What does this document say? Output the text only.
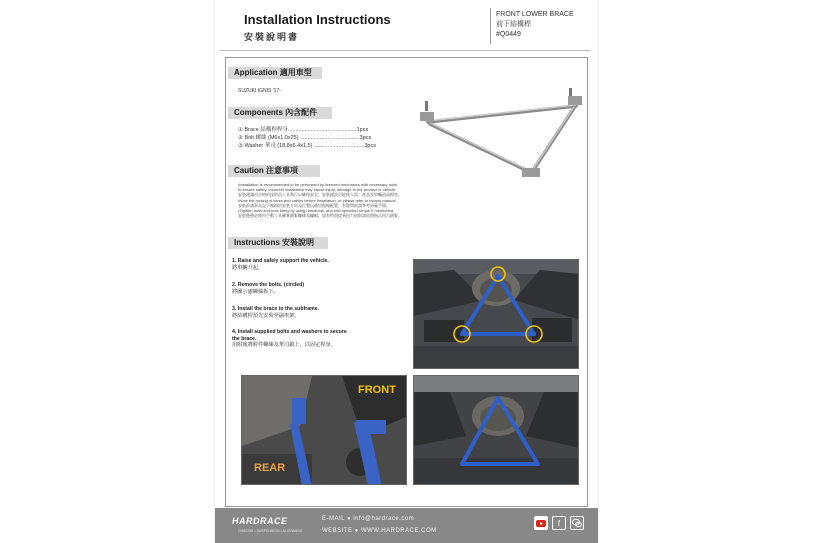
Installation Instructions
安裝說明書
FRONT LOWER BRACE
前下結構桿
#Q0449
Application 適用車型
SUZUKI IGNIS '17-
Components 內含配件
① Brace 結構桿桿身.............................................1pcs
② Bolt 螺絲 (M6x1.0x25) .......................................3pcs
③ Washer 華司 (18.8x6.4x1.5) .................................3pcs
Caution 注意事項
•Installation is recommended to be performed by licensed mechanics with necessary tools
to ensure safety. Incorrect installation may cause injury, damage to the product or vehicle.
安裝建議由合格的技術員工具執行以確保安全，安裝錯誤可能使人員、產品及車輛造成損害。
•Note the routing of wires and cables before installation; or please refer to factory manual.
安裝前請事先記下線路的安裝方向及位置以備回復線配置，有疑問則請參考原廠手冊。
•Tighten bolts and nuts firmly by using handtools, and with specified torque if mentioned.
安裝後務必使用手動工具確實鎖緊螺絲及螺帽，如有特別提到扭力值則請依照指示扭力鎖緊。
Instructions 安裝說明
1. Raise and safely support the vehicle.
將車輛升起。
2. Remove the bolts. (circled)
將圖示處螺絲拆下。
3. Install the brace to the subframe.
將結構桿預先安裝至副車架。
4. Install supplied bolts and washers to secure
the brace.
用附後將附件螺絲及華司鎖上，以固定桿身。
FRONT
REAR
HARDRACE
CHASSIS • SUSPENSION • ALIGNMENT
E-MAIL ● info@hardrace.com
WEBSITE ● WWW.HARDRACE.COM
f
